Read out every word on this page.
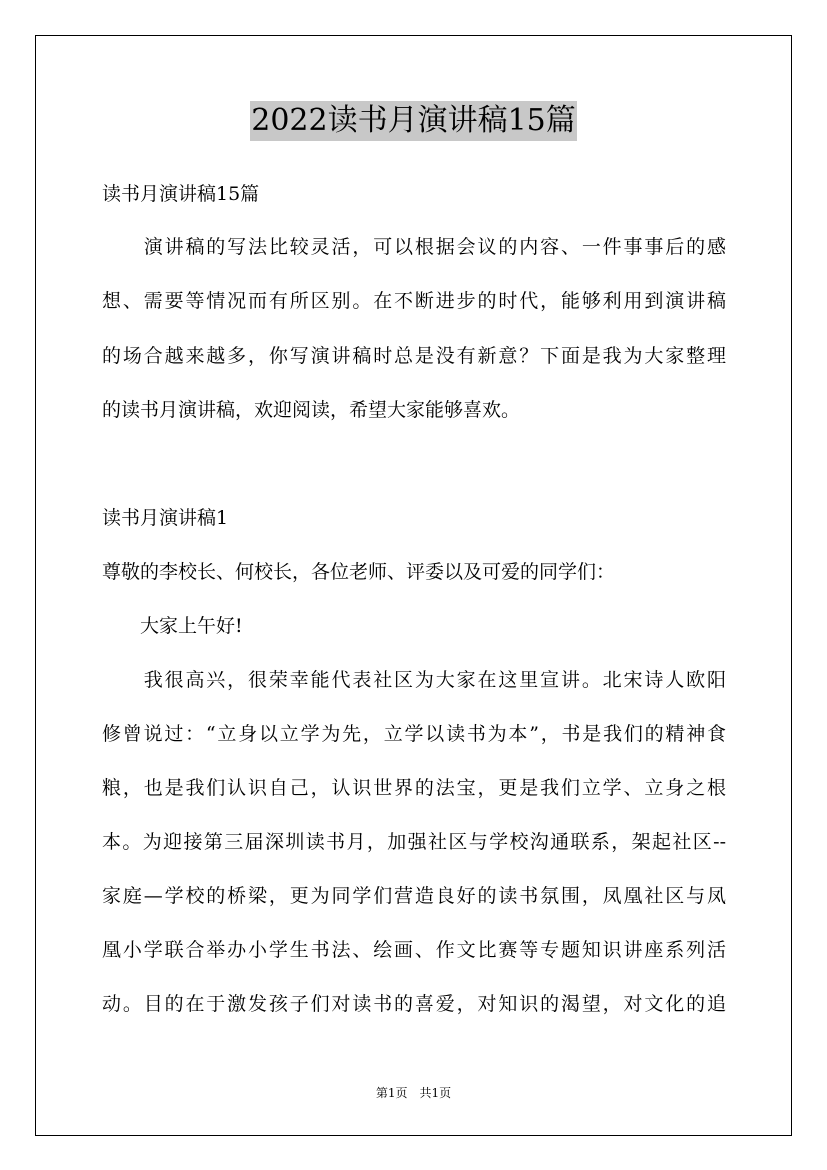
2022读书月演讲稿15篇
读书月演讲稿15篇
　　演讲稿的写法比较灵活，可以根据会议的内容、一件事事后的感
想、需要等情况而有所区别。在不断进步的时代，能够利用到演讲稿
的场合越来越多，你写演讲稿时总是没有新意？下面是我为大家整理
的读书月演讲稿，欢迎阅读，希望大家能够喜欢。
读书月演讲稿1
尊敬的李校长、何校长，各位老师、评委以及可爱的同学们：
　　大家上午好!
　　我很高兴，很荣幸能代表社区为大家在这里宣讲。北宋诗人欧阳
修曾说过：“立身以立学为先，立学以读书为本”，书是我们的精神食
粮，也是我们认识自己，认识世界的法宝，更是我们立学、立身之根
本。为迎接第三届深圳读书月，加强社区与学校沟通联系，架起社区--
家庭—学校的桥梁，更为同学们营造良好的读书氛围，凤凰社区与凤
凰小学联合举办小学生书法、绘画、作文比赛等专题知识讲座系列活
动。目的在于激发孩子们对读书的喜爱，对知识的渴望，对文化的追
第1页　共1页
